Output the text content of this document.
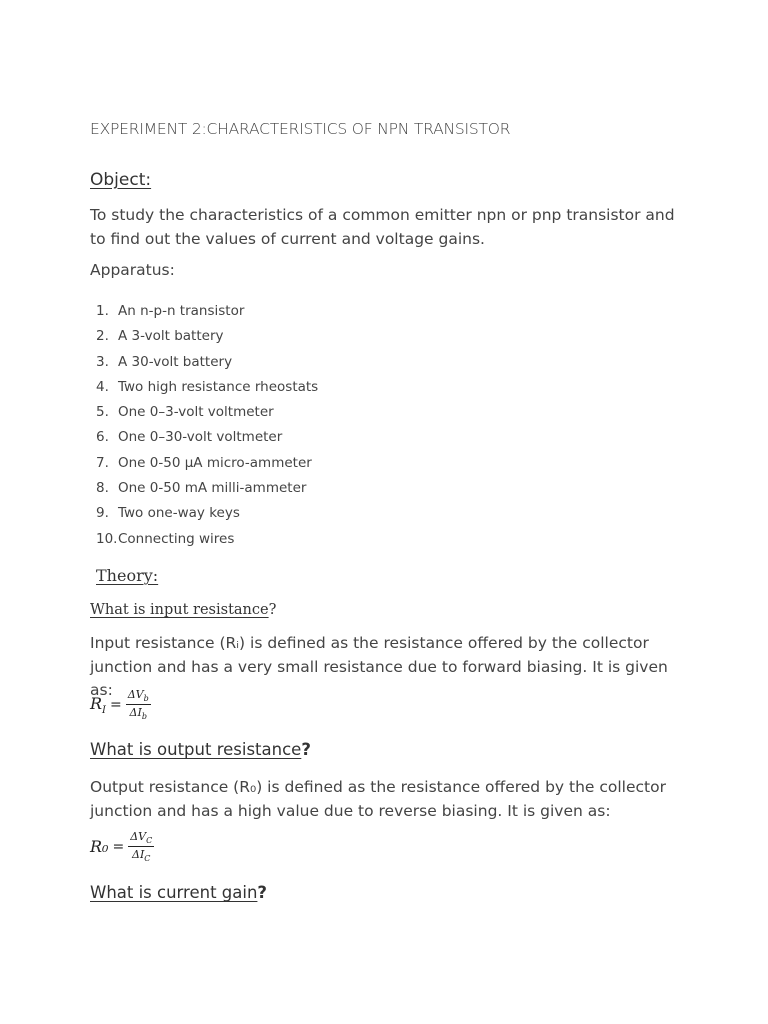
EXPERIMENT 2:CHARACTERISTICS OF NPN TRANSISTOR
Object:
To study the characteristics of a common emitter npn or pnp transistor and to find out the values of current and voltage gains.
Apparatus:
1. An n-p-n transistor
2. A 3-volt battery
3. A 30-volt battery
4. Two high resistance rheostats
5. One 0–3-volt voltmeter
6. One 0–30-volt voltmeter
7. One 0-50 μA micro-ammeter
8. One 0-50 mA milli-ammeter
9. Two one-way keys
10.Connecting wires
Theory:
What is input resistance?
Input resistance (Rᵢ) is defined as the resistance offered by the collector junction and has a very small resistance due to forward biasing. It is given as:
$R_I = \frac{\Delta V_b}{\Delta I_b}$
What is output resistance?
Output resistance (R₀) is defined as the resistance offered by the collector junction and has a high value due to reverse biasing. It is given as:
$R_0 = \frac{\Delta V_C}{\Delta I_C}$
What is current gain?
